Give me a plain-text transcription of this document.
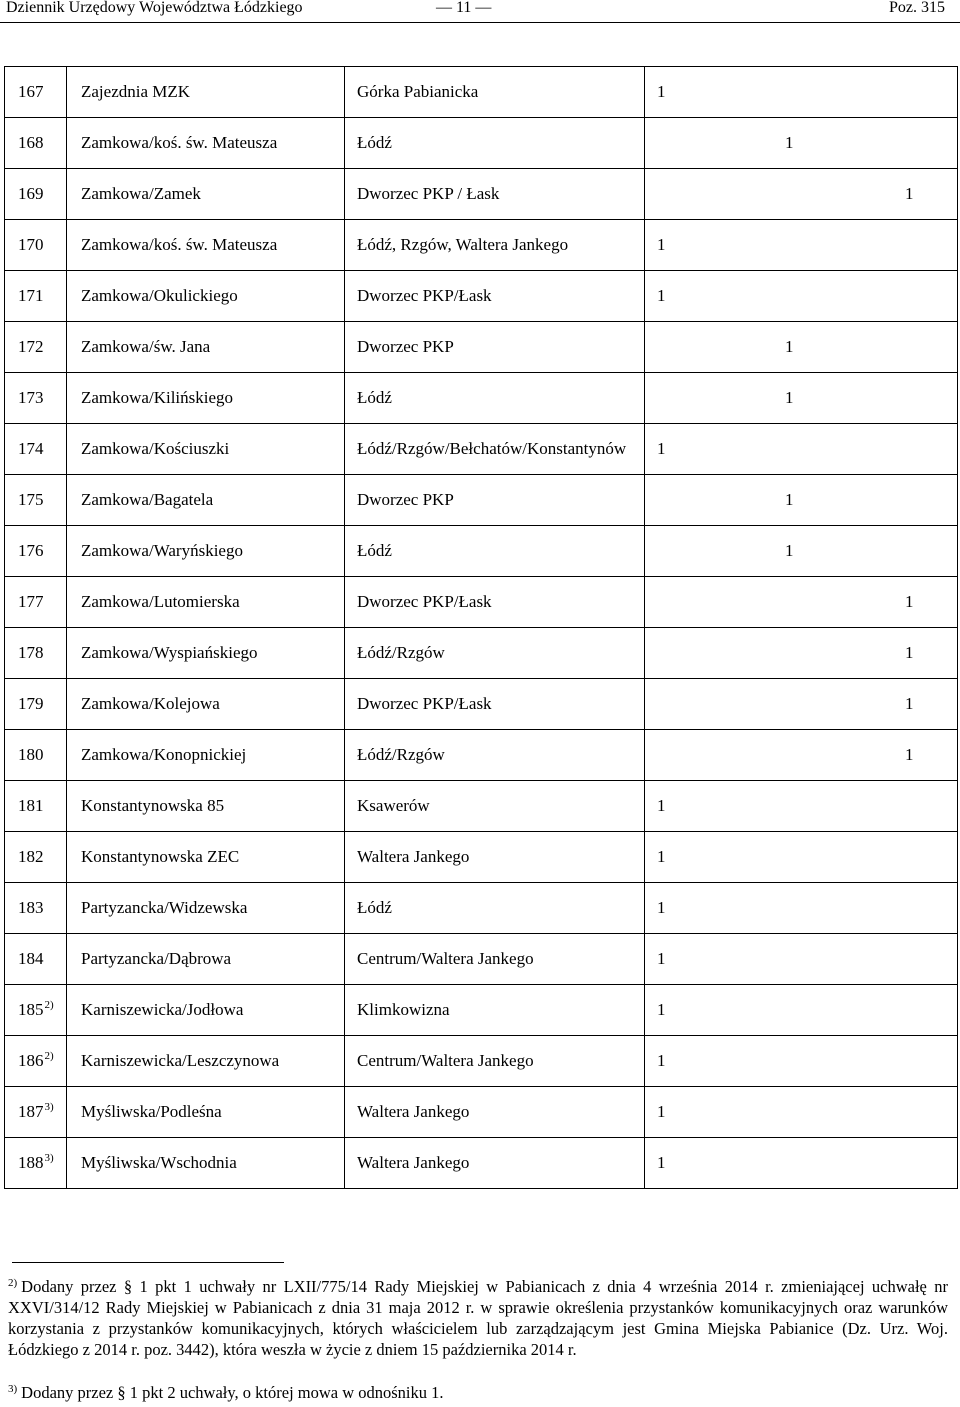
Dziennik Urzędowy Województwa Łódzkiego	— 11 —	Poz. 315
167	Zajezdnia MZK	Górka Pabianicka	1
168	Zamkowa/koś. św. Mateusza	Łódź	1
169	Zamkowa/Zamek	Dworzec PKP / Łask	1
170	Zamkowa/koś. św. Mateusza	Łódź, Rzgów, Waltera Jankego	1
171	Zamkowa/Okulickiego	Dworzec PKP/Łask	1
172	Zamkowa/św. Jana	Dworzec PKP	1
173	Zamkowa/Kilińskiego	Łódź	1
174	Zamkowa/Kościuszki	Łódź/Rzgów/Bełchatów/Konstantynów	1
175	Zamkowa/Bagatela	Dworzec PKP	1
176	Zamkowa/Waryńskiego	Łódź	1
177	Zamkowa/Lutomierska	Dworzec PKP/Łask	1
178	Zamkowa/Wyspiańskiego	Łódź/Rzgów	1
179	Zamkowa/Kolejowa	Dworzec PKP/Łask	1
180	Zamkowa/Konopnickiej	Łódź/Rzgów	1
181	Konstantynowska 85	Ksawerów	1
182	Konstantynowska ZEC	Waltera Jankego	1
183	Partyzancka/Widzewska	Łódź	1
184	Partyzancka/Dąbrowa	Centrum/Waltera Jankego	1
185$^{2)}$	Karniszewicka/Jodłowa	Klimkowizna	1
186$^{2)}$	Karniszewicka/Leszczynowa	Centrum/Waltera Jankego	1
187$^{3)}$	Myśliwska/Podleśna	Waltera Jankego	1
188$^{3)}$	Myśliwska/Wschodnia	Waltera Jankego	1
$^{2)}$ Dodany przez § 1 pkt 1 uchwały nr LXII/775/14 Rady Miejskiej w Pabianicach z dnia 4 września 2014 r. zmieniającej uchwałę nr XXVI/314/12 Rady Miejskiej w Pabianicach z dnia 31 maja 2012 r. w sprawie określenia przystanków komunikacyjnych oraz warunków korzystania z przystanków komunikacyjnych, których właścicielem lub zarządzającym jest Gmina Miejska Pabianice (Dz. Urz. Woj. Łódzkiego z 2014 r. poz. 3442), która weszła w życie z dniem 15 października 2014 r.
$^{3)}$ Dodany przez § 1 pkt 2 uchwały, o której mowa w odnośniku 1.
